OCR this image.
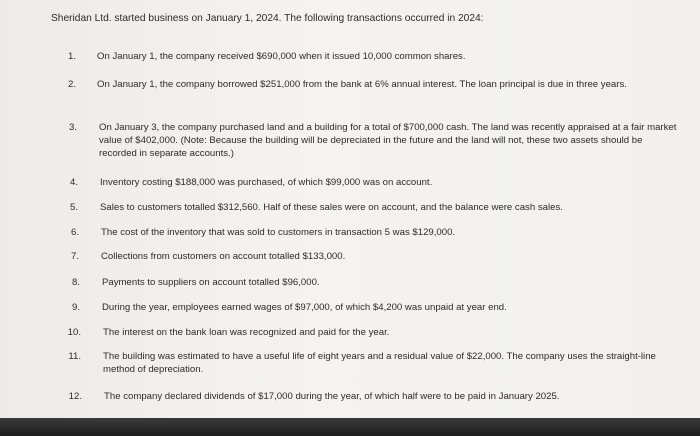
Sheridan Ltd. started business on January 1, 2024. The following transactions occurred in 2024:
1. On January 1, the company received $690,000 when it issued 10,000 common shares.
2. On January 1, the company borrowed $251,000 from the bank at 6% annual interest. The loan principal is due in three years.
3. On January 3, the company purchased land and a building for a total of $700,000 cash. The land was recently appraised at a fair market value of $402,000. (Note: Because the building will be depreciated in the future and the land will not, these two assets should be recorded in separate accounts.)
4. Inventory costing $188,000 was purchased, of which $99,000 was on account.
5. Sales to customers totalled $312,560. Half of these sales were on account, and the balance were cash sales.
6. The cost of the inventory that was sold to customers in transaction 5 was $129,000.
7. Collections from customers on account totalled $133,000.
8. Payments to suppliers on account totalled $96,000.
9. During the year, employees earned wages of $97,000, of which $4,200 was unpaid at year end.
10. The interest on the bank loan was recognized and paid for the year.
11. The building was estimated to have a useful life of eight years and a residual value of $22,000. The company uses the straight-line method of depreciation.
12. The company declared dividends of $17,000 during the year, of which half were to be paid in January 2025.
